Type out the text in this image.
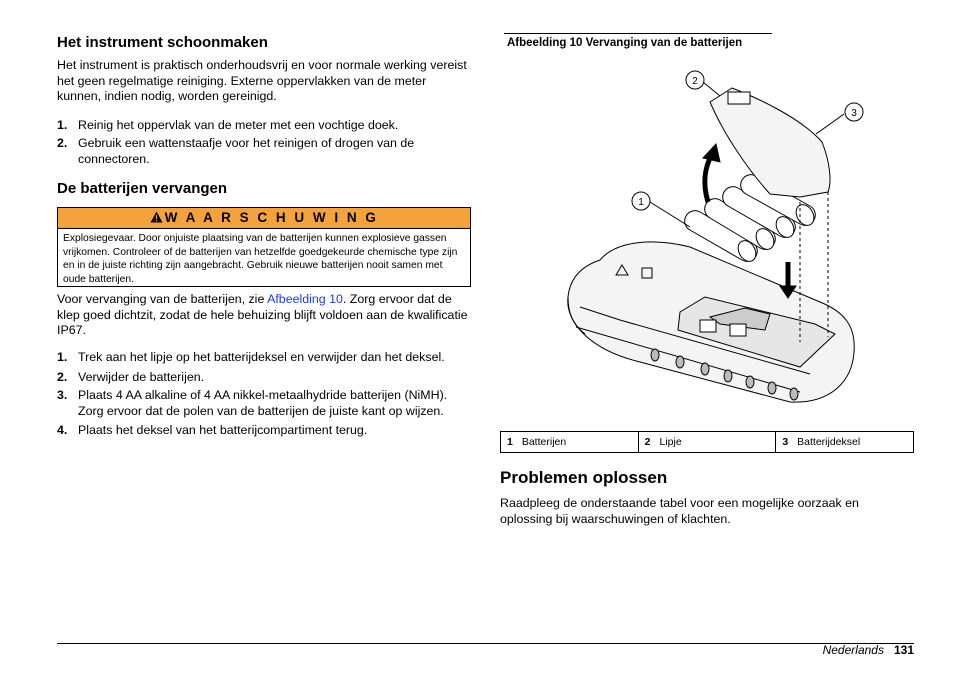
Het instrument schoonmaken

Het instrument is praktisch onderhoudsvrij en voor normale werking vereist het geen regelmatige reiniging. Externe oppervlakken van de meter kunnen, indien nodig, worden gereinigd.

1. Reinig het oppervlak van de meter met een vochtige doek.
2. Gebruik een wattenstaafje voor het reinigen of drogen van de connectoren.
De batterijen vervangen
W A A R S C H U W I N G
Explosiegevaar. Door onjuiste plaatsing van de batterijen kunnen explosieve gassen vrijkomen. Controleer of de batterijen van hetzelfde goedgekeurde chemische type zijn en in de juiste richting zijn aangebracht. Gebruik nieuwe batterijen nooit samen met oude batterijen.

Voor vervanging van de batterijen, zie Afbeelding 10. Zorg ervoor dat de klep goed dichtzit, zodat de hele behuizing blijft voldoen aan de kwalificatie IP67.

1. Trek aan het lipje op het batterijdeksel en verwijder dan het deksel.
2. Verwijder de batterijen.
3. Plaats 4 AA alkaline of 4 AA nikkel-metaalhydride batterijen (NiMH). Zorg ervoor dat de polen van de batterijen de juiste kant op wijzen.
4. Plaats het deksel van het batterijcompartiment terug.
Afbeelding 10 Vervanging van de batterijen
2
3
1
1 Batterijen	2 Lipje	3 Batterijdeksel
Problemen oplossen

Raadpleeg de onderstaande tabel voor een mogelijke oorzaak en oplossing bij waarschuwingen of klachten.

Nederlands 131
